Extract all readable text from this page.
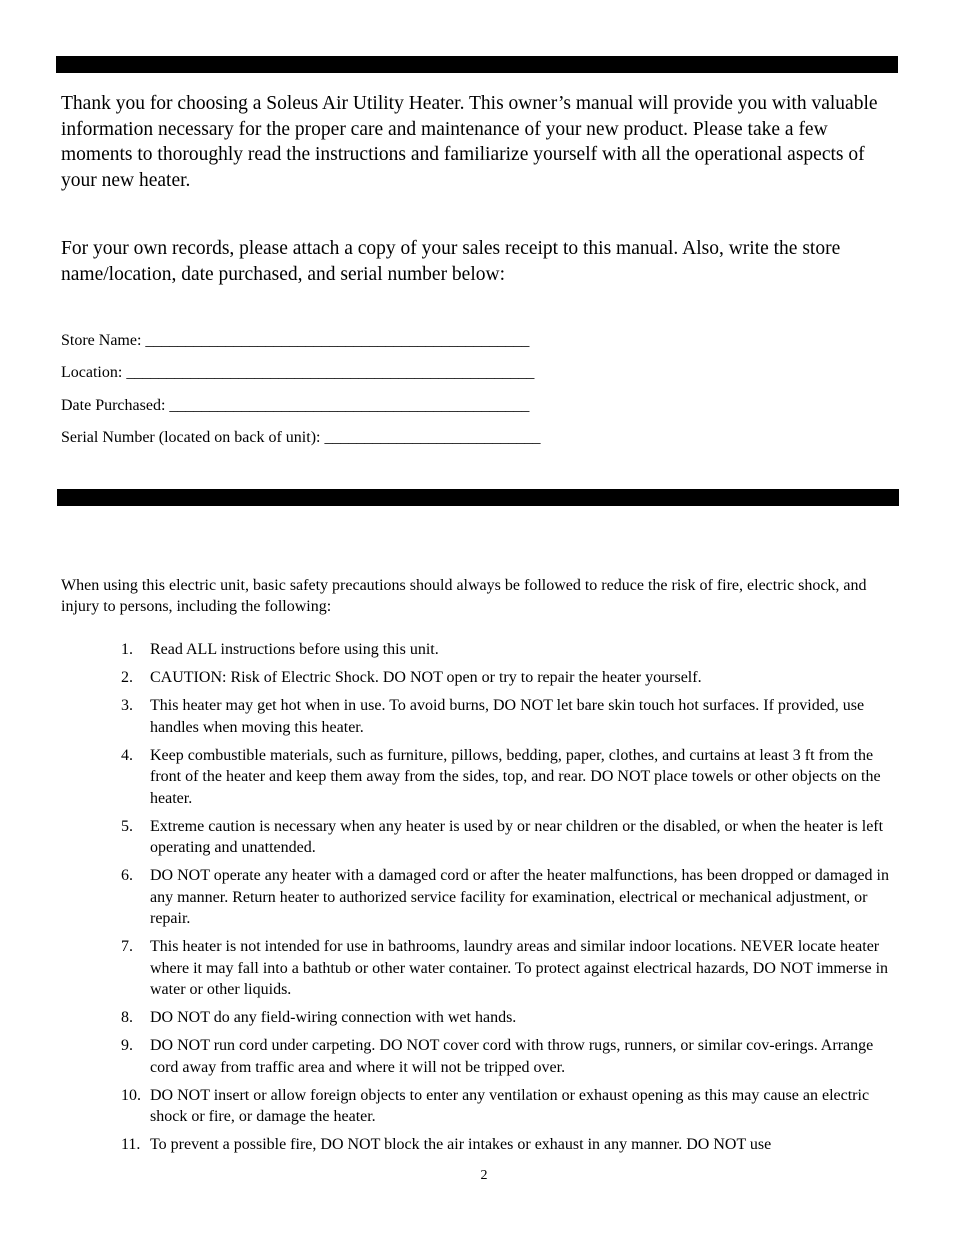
Thank you for choosing a Soleus Air Utility Heater. This owner’s manual will provide you with valuable information necessary for the proper care and maintenance of your new product. Please take a few moments to thoroughly read the instructions and familiarize yourself with all the operational aspects of your new heater.

For your own records, please attach a copy of your sales receipt to this manual. Also, write the store name/location, date purchased, and serial number below:

Store Name: ________________________________________________

Location: ___________________________________________________

Date Purchased: _____________________________________________

Serial Number (located on back of unit): ___________________________

When using this electric unit, basic safety precautions should always be followed to reduce the risk of fire, electric shock, and injury to persons, including the following:

1.	Read ALL instructions before using this unit.
2.	CAUTION: Risk of Electric Shock. DO NOT open or try to repair the heater yourself.
3.	This heater may get hot when in use. To avoid burns, DO NOT let bare skin touch hot surfaces. If provided, use handles when moving this heater.
4.	Keep combustible materials, such as furniture, pillows, bedding, paper, clothes, and curtains at least 3 ft from the front of the heater and keep them away from the sides, top, and rear. DO NOT place towels or other objects on the heater.
5.	Extreme caution is necessary when any heater is used by or near children or the disabled, or when the heater is left operating and unattended.
6.	DO NOT operate any heater with a damaged cord or after the heater malfunctions, has been dropped or damaged in any manner. Return heater to authorized service facility for examination, electrical or mechanical adjustment, or repair.
7.	This heater is not intended for use in bathrooms, laundry areas and similar indoor locations. NEVER locate heater where it may fall into a bathtub or other water container. To protect against electrical hazards, DO NOT immerse in water or other liquids.
8.	DO NOT do any field-wiring connection with wet hands.
9.	DO NOT run cord under carpeting. DO NOT cover cord with throw rugs, runners, or similar cov-erings. Arrange cord away from traffic area and where it will not be tripped over.
10. DO NOT insert or allow foreign objects to enter any ventilation or exhaust opening as this may cause an electric shock or fire, or damage the heater.
11. To prevent a possible fire, DO NOT block the air intakes or exhaust in any manner. DO NOT use
2
